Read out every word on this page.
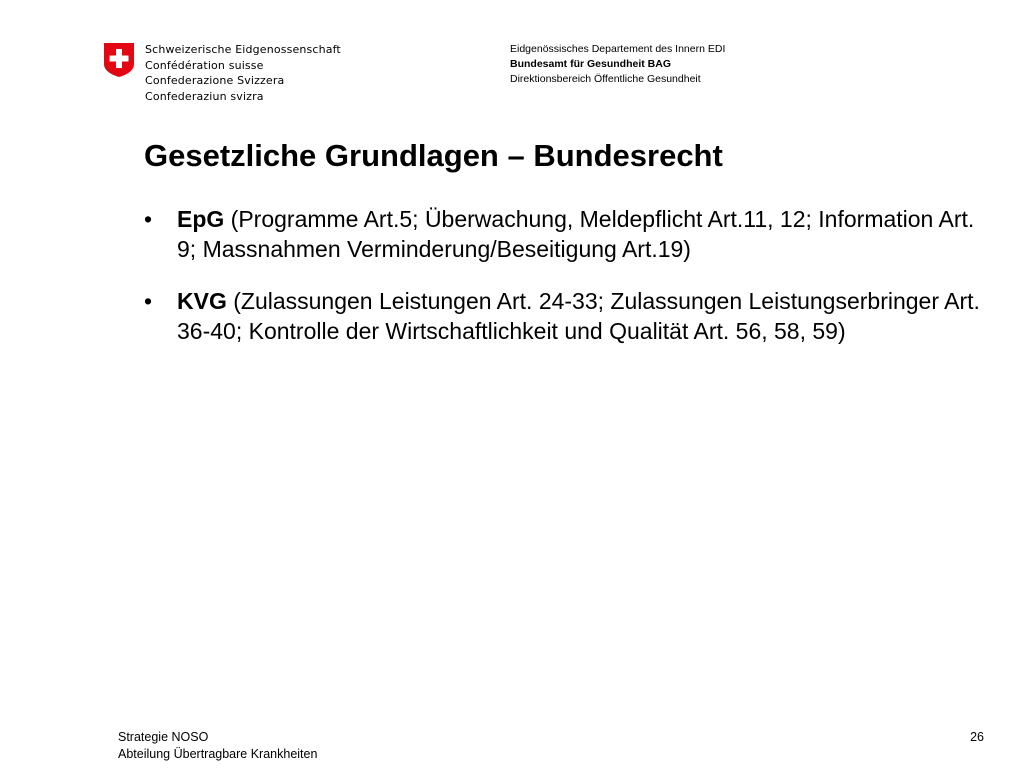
Schweizerische Eidgenossenschaft
Confédération suisse
Confederazione Svizzera
Confederaziun svizra
Eidgenössisches Departement des Innern EDI
Bundesamt für Gesundheit BAG
Direktionsbereich Öffentliche Gesundheit
Gesetzliche Grundlagen – Bundesrecht
• EpG (Programme Art.5; Überwachung, Meldepflicht Art.11, 12; Information Art. 9; Massnahmen Verminderung/Beseitigung Art.19)
• KVG (Zulassungen Leistungen Art. 24-33; Zulassungen Leistungserbringer Art. 36-40; Kontrolle der Wirtschaftlichkeit und Qualität Art. 56, 58, 59)
Strategie NOSO
Abteilung Übertragbare Krankheiten
26
